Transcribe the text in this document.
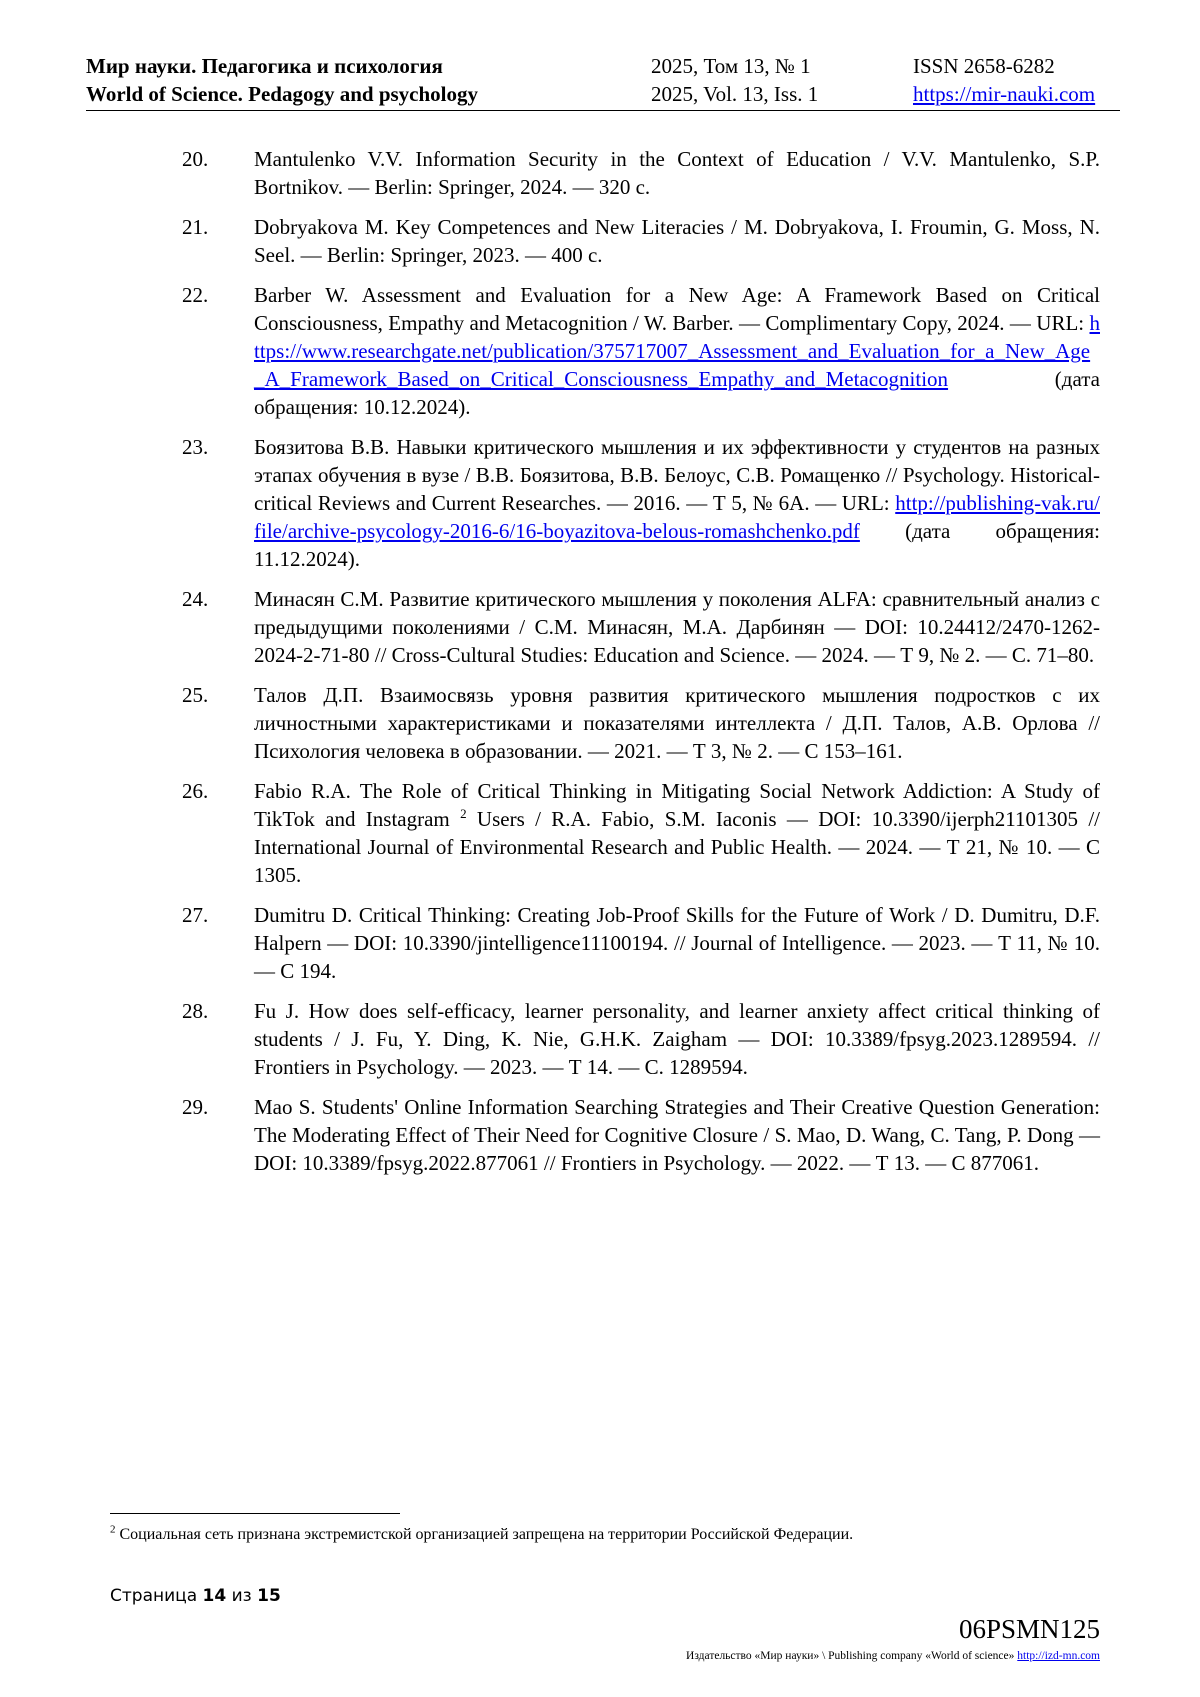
Мир науки. Педагогика и психология
World of Science. Pedagogy and psychology
2025, Том 13, № 1
2025, Vol. 13, Iss. 1
ISSN 2658-6282
https://mir-nauki.com
20. Mantulenko V.V. Information Security in the Context of Education / V.V. Mantulenko, S.P. Bortnikov. — Berlin: Springer, 2024. — 320 c.
21. Dobryakova M. Key Competences and New Literacies / M. Dobryakova, I. Froumin, G. Moss, N. Seel. — Berlin: Springer, 2023. — 400 c.
22. Barber W. Assessment and Evaluation for a New Age: A Framework Based on Critical Consciousness, Empathy and Metacognition / W. Barber. — Complimentary Copy, 2024. — URL: https://www.researchgate.net/publication/375717007_Assessment_and_Evaluation_for_a_New_Age_A_Framework_Based_on_Critical_Consciousness_Empathy_and_Metacognition (дата обращения: 10.12.2024).
23. Боязитова В.В. Навыки критического мышления и их эффективности у студентов на разных этапах обучения в вузе / В.В. Боязитова, В.В. Белоус, С.В. Ромащенко // Psychology. Historical-critical Reviews and Current Researches. — 2016. — Т 5, № 6А. — URL: http://publishing-vak.ru/file/archive-psycology-2016-6/16-boyazitova-belous-romashchenko.pdf (дата обращения: 11.12.2024).
24. Минасян С.М. Развитие критического мышления у поколения ALFA: сравнительный анализ с предыдущими поколениями / С.М. Минасян, М.А. Дарбинян — DOI: 10.24412/2470-1262-2024-2-71-80 // Cross-Cultural Studies: Education and Science. — 2024. — Т 9, № 2. — С. 71–80.
25. Талов Д.П. Взаимосвязь уровня развития критического мышления подростков с их личностными характеристиками и показателями интеллекта / Д.П. Талов, А.В. Орлова // Психология человека в образовании. — 2021. — Т 3, № 2. — С 153–161.
26. Fabio R.A. The Role of Critical Thinking in Mitigating Social Network Addiction: A Study of TikTok and Instagram $^2$ Users / R.A. Fabio, S.M. Iaconis — DOI: 10.3390/ijerph21101305 // International Journal of Environmental Research and Public Health. — 2024. — Т 21, № 10. — С 1305.
27. Dumitru D. Critical Thinking: Creating Job-Proof Skills for the Future of Work / D. Dumitru, D.F. Halpern — DOI: 10.3390/jintelligence11100194. // Journal of Intelligence. — 2023. — Т 11, № 10. — С 194.
28. Fu J. How does self-efficacy, learner personality, and learner anxiety affect critical thinking of students / J. Fu, Y. Ding, K. Nie, G.H.K. Zaigham — DOI: 10.3389/fpsyg.2023.1289594. // Frontiers in Psychology. — 2023. — Т 14. — С. 1289594.
29. Mao S. Students' Online Information Searching Strategies and Their Creative Question Generation: The Moderating Effect of Their Need for Cognitive Closure / S. Mao, D. Wang, C. Tang, P. Dong — DOI: 10.3389/fpsyg.2022.877061 // Frontiers in Psychology. — 2022. — Т 13. — С 877061.
$^2$ Социальная сеть признана экстремистской организацией запрещена на территории Российской Федерации.
Страница 14 из 15
06PSMN125
Издательство «Мир науки» \ Publishing company «World of science» http://izd-mn.com
